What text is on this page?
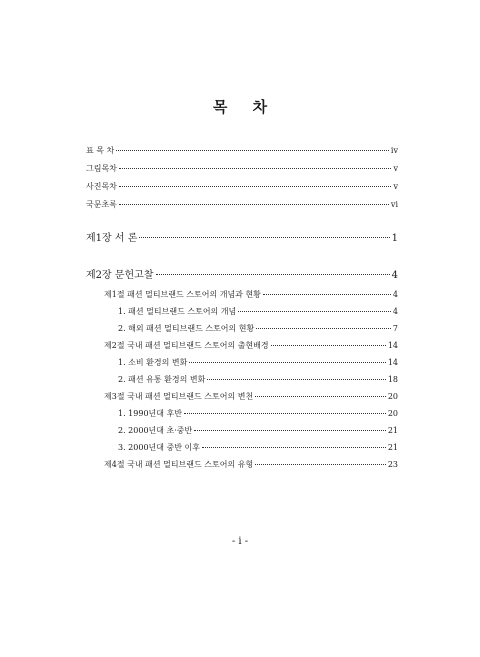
목 차
표 목 차	iv
그림목차	v
사진목차	v
국문초록	vi
제1장 서 론	1
제2장 문헌고찰	4
제1절 패션 멀티브랜드 스토어의 개념과 현황	4
1. 패션 멀티브랜드 스토어의 개념	4
2. 해외 패션 멀티브랜드 스토어의 현황	7
제2절 국내 패션 멀티브랜드 스토어의 출현배경	14
1. 소비 환경의 변화	14
2. 패션 유통 환경의 변화	18
제3절 국내 패션 멀티브랜드 스토어의 변천	20
1. 1990년대 후반	20
2. 2000년대 초·중반	21
3. 2000년대 중반 이후	21
제4절 국내 패션 멀티브랜드 스토어의 유형	23
- i -
